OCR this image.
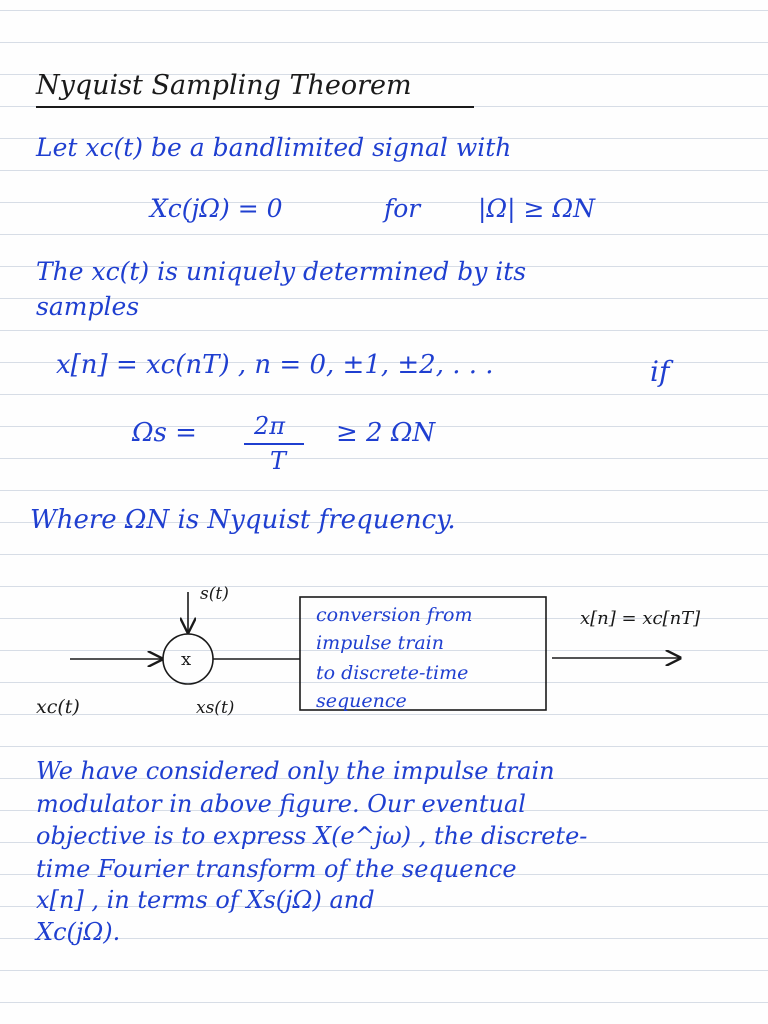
Nyquist Sampling Theorem
Let xc(t) be a bandlimited signal with
Xc(jΩ) = 0	for |Ω| ≥ ΩN
The xc(t) is uniquely determined by its
samples
x[n] = xc(nT) , n = 0, ±1, ±2, . . .	if
Ωs = 2π
T
≥ 2 ΩN
Where ΩN is Nyquist frequency.
s(t)
x
xc(t)	xs(t)
x[n] = xc[nT]
conversion from
impulse train
to discrete-time
sequence
We have considered only the impulse train
modulator in above figure. Our eventual
objective is to express X(e^jω) , the discrete-
time Fourier transform of the sequence
x[n] , in terms of Xs(jΩ) and
Xc(jΩ).
